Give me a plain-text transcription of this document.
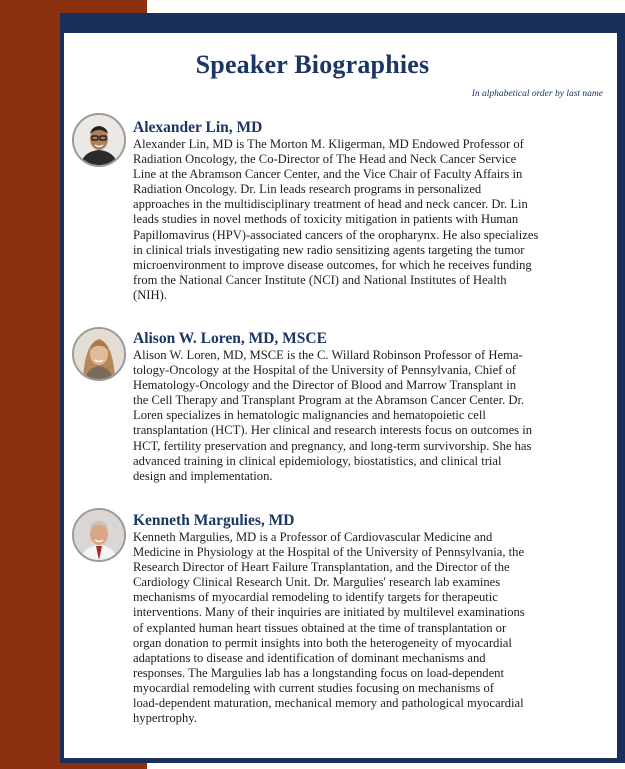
Speaker Biographies
In alphabetical order by last name
Alexander Lin, MD
Alexander Lin, MD is The Morton M. Kligerman, MD Endowed Professor of
Radiation Oncology, the Co-Director of The Head and Neck Cancer Service
Line at the Abramson Cancer Center, and the Vice Chair of Faculty Affairs in
Radiation Oncology. Dr. Lin leads research programs in personalized
approaches in the multidisciplinary treatment of head and neck cancer. Dr. Lin
leads studies in novel methods of toxicity mitigation in patients with Human
Papillomavirus (HPV)-associated cancers of the oropharynx. He also specializes
in clinical trials investigating new radio sensitizing agents targeting the tumor
microenvironment to improve disease outcomes, for which he receives funding
from the National Cancer Institute (NCI) and National Institutes of Health
(NIH).
Alison W. Loren, MD, MSCE
Alison W. Loren, MD, MSCE is the C. Willard Robinson Professor of Hema-
tology-Oncology at the Hospital of the University of Pennsylvania, Chief of
Hematology-Oncology and the Director of Blood and Marrow Transplant in
the Cell Therapy and Transplant Program at the Abramson Cancer Center. Dr.
Loren specializes in hematologic malignancies and hematopoietic cell
transplantation (HCT). Her clinical and research interests focus on outcomes in
HCT, fertility preservation and pregnancy, and long-term survivorship. She has
advanced training in clinical epidemiology, biostatistics, and clinical trial
design and implementation.
Kenneth Margulies, MD
Kenneth Margulies, MD is a Professor of Cardiovascular Medicine and
Medicine in Physiology at the Hospital of the University of Pennsylvania, the
Research Director of Heart Failure Transplantation, and the Director of the
Cardiology Clinical Research Unit. Dr. Margulies' research lab examines
mechanisms of myocardial remodeling to identify targets for therapeutic
interventions. Many of their inquiries are initiated by multilevel examinations
of explanted human heart tissues obtained at the time of transplantation or
organ donation to permit insights into both the heterogeneity of myocardial
adaptations to disease and identification of dominant mechanisms and
responses. The Margulies lab has a longstanding focus on load-dependent
myocardial remodeling with current studies focusing on mechanisms of
load-dependent maturation, mechanical memory and pathological myocardial
hypertrophy.
